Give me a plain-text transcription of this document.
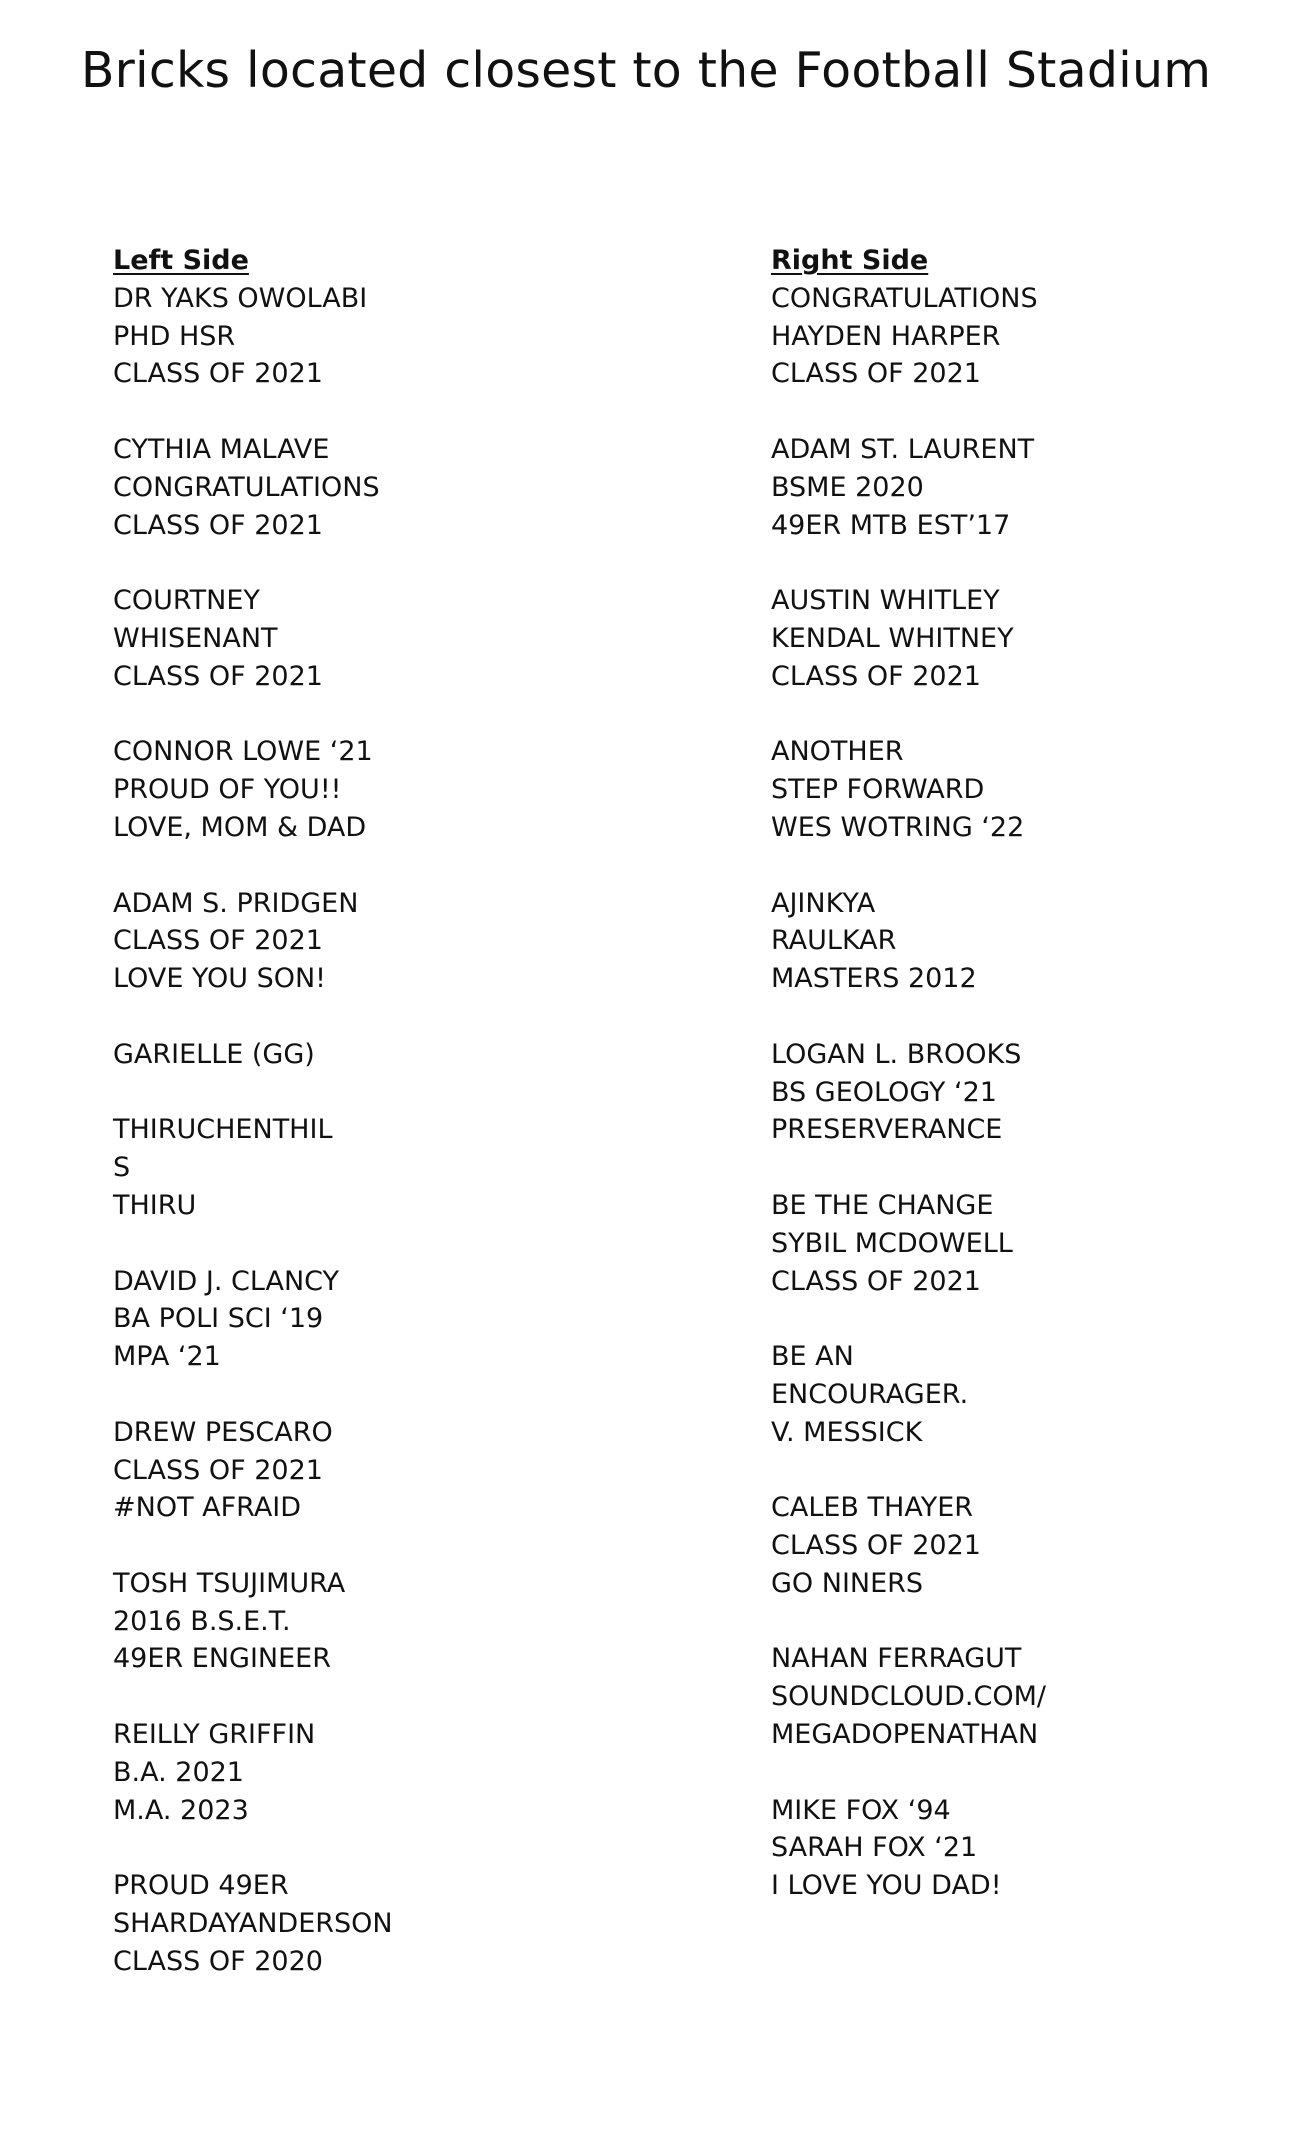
Bricks located closest to the Football Stadium
Left Side
DR YAKS OWOLABI
PHD HSR
CLASS OF 2021
CYTHIA MALAVE
CONGRATULATIONS
CLASS OF 2021
COURTNEY
WHISENANT
CLASS OF 2021
CONNOR LOWE ‘21
PROUD OF YOU!!
LOVE, MOM & DAD
ADAM S. PRIDGEN
CLASS OF 2021
LOVE YOU SON!
GARIELLE (GG)
THIRUCHENTHIL
S
THIRU
DAVID J. CLANCY
BA POLI SCI ‘19
MPA ‘21
DREW PESCARO
CLASS OF 2021
#NOT AFRAID
TOSH TSUJIMURA
2016 B.S.E.T.
49ER ENGINEER
REILLY GRIFFIN
B.A. 2021
M.A. 2023
PROUD 49ER
SHARDAYANDERSON
CLASS OF 2020
Right Side
CONGRATULATIONS
HAYDEN HARPER
CLASS OF 2021
ADAM ST. LAURENT
BSME 2020
49ER MTB EST’17
AUSTIN WHITLEY
KENDAL WHITNEY
CLASS OF 2021
ANOTHER
STEP FORWARD
WES WOTRING ‘22
AJINKYA
RAULKAR
MASTERS 2012
LOGAN L. BROOKS
BS GEOLOGY ‘21
PRESERVERANCE
BE THE CHANGE
SYBIL MCDOWELL
CLASS OF 2021
BE AN
ENCOURAGER.
V. MESSICK
CALEB THAYER
CLASS OF 2021
GO NINERS
NAHAN FERRAGUT
SOUNDCLOUD.COM/
MEGADOPENATHAN
MIKE FOX ‘94
SARAH FOX ‘21
I LOVE YOU DAD!
